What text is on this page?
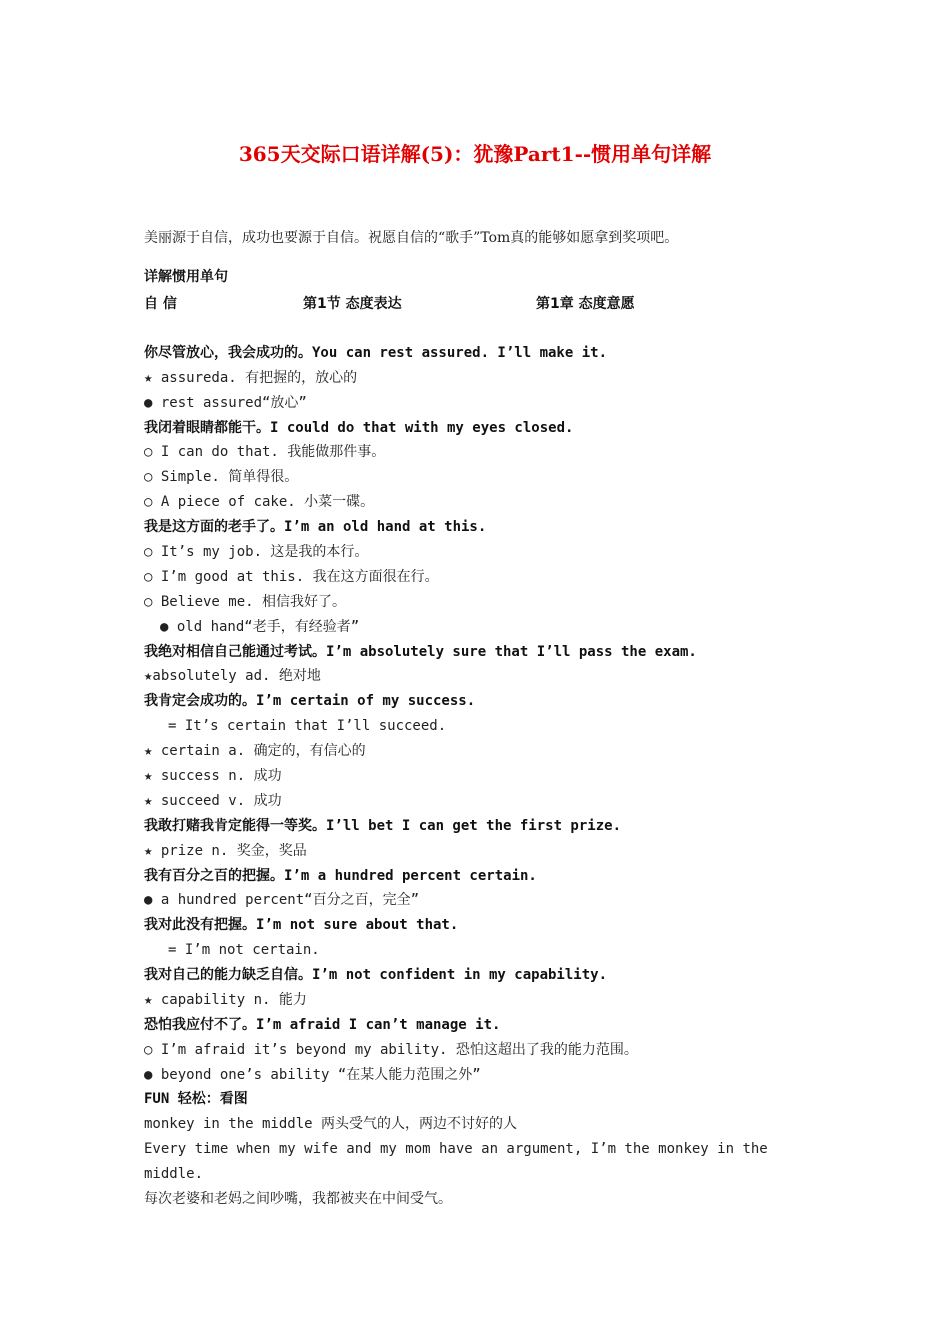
365天交际口语详解(5)：犹豫Part1--惯用单句详解
美丽源于自信，成功也要源于自信。祝愿自信的“歌手”Tom真的能够如愿拿到奖项吧。
详解惯用单句
自 信	第1节 态度表达	第1章 态度意愿
你尽管放心，我会成功的。You can rest assured. I’ll make it.
★ assureda. 有把握的，放心的
● rest assured“放心”
我闭着眼睛都能干。I could do that with my eyes closed.
○ I can do that. 我能做那件事。
○ Simple. 简单得很。
○ A piece of cake. 小菜一碟。
我是这方面的老手了。I’m an old hand at this.
○ It’s my job. 这是我的本行。
○ I’m good at this. 我在这方面很在行。
○ Believe me. 相信我好了。
● old hand“老手，有经验者”
我绝对相信自己能通过考试。I’m absolutely sure that I’ll pass the exam.
★absolutely ad. 绝对地
我肯定会成功的。I’m certain of my success.
= It’s certain that I’ll succeed.
★ certain a. 确定的，有信心的
★ success n. 成功
★ succeed v. 成功
我敢打赌我肯定能得一等奖。I’ll bet I can get the first prize.
★ prize n. 奖金，奖品
我有百分之百的把握。I’m a hundred percent certain.
● a hundred percent“百分之百，完全”
我对此没有把握。I’m not sure about that.
= I’m not certain.
我对自己的能力缺乏自信。I’m not confident in my capability.
★ capability n. 能力
恐怕我应付不了。I’m afraid I can’t manage it.
○ I’m afraid it’s beyond my ability. 恐怕这超出了我的能力范围。
● beyond one’s ability “在某人能力范围之外”
FUN 轻松：看图
monkey in the middle 两头受气的人，两边不讨好的人
Every time when my wife and my mom have an argument, I’m the monkey in the
middle.
每次老婆和老妈之间吵嘴，我都被夹在中间受气。
